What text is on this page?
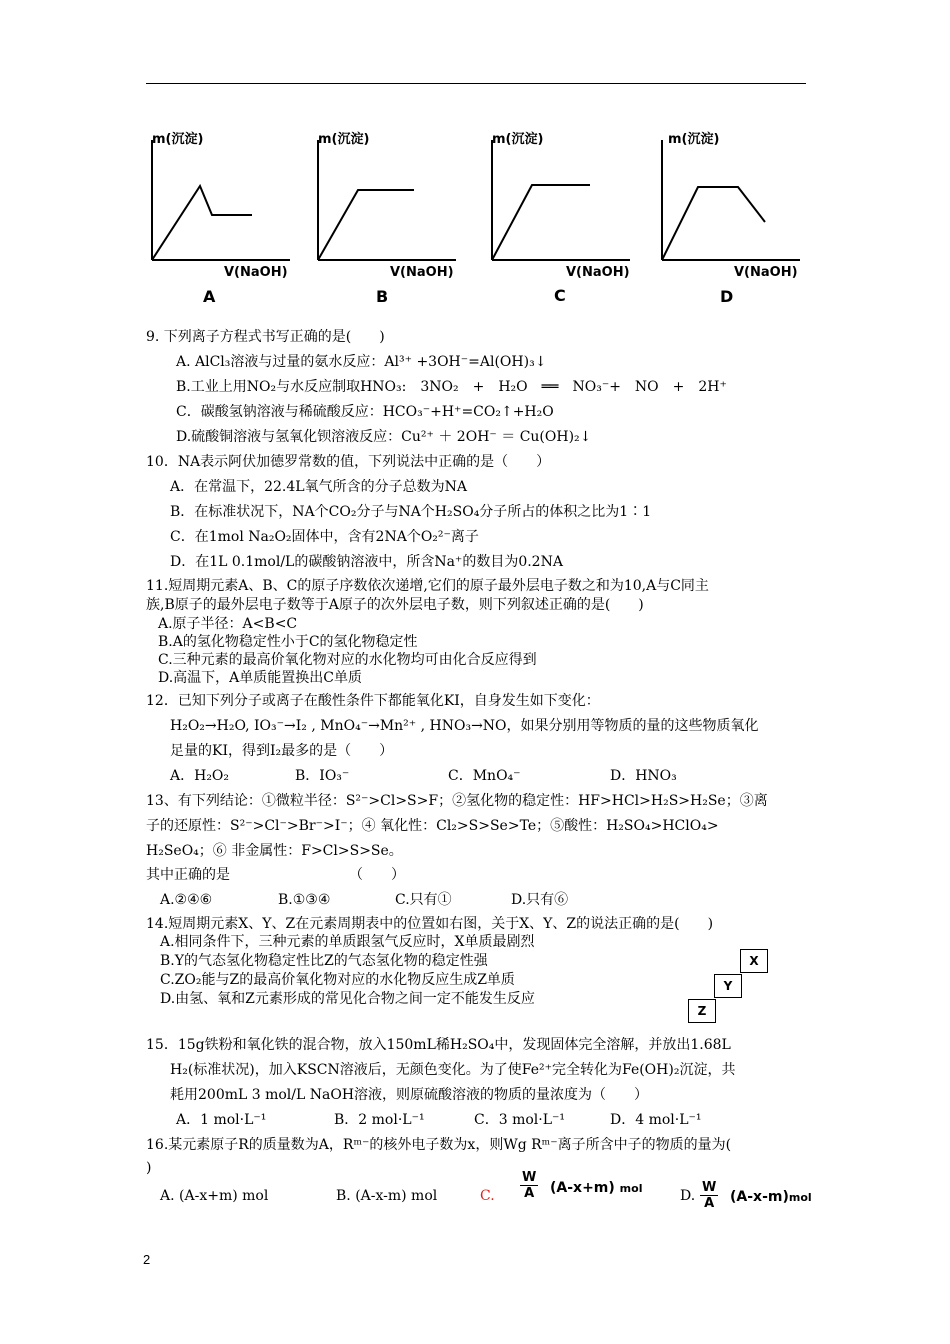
m(沉淀)
V(NaOH)
A
m(沉淀)
V(NaOH)
B
m(沉淀)
V(NaOH)
C
m(沉淀)
V(NaOH)
D
9. 下列离子方程式书写正确的是(　　)
A. AlCl₃溶液与过量的氨水反应：Al³⁺ +3OH⁻=Al(OH)₃↓
B.工业上用NO₂与水反应制取HNO₃:　3NO₂　+　H₂O　══　NO₃⁻+　NO　+　2H⁺
C．碳酸氢钠溶液与稀硫酸反应：HCO₃⁻+H⁺=CO₂↑+H₂O
D.硫酸铜溶液与氢氧化钡溶液反应：Cu²⁺ ＋ 2OH⁻ ＝ Cu(OH)₂↓
10．NA表示阿伏加德罗常数的值，下列说法中正确的是（　　）
A．在常温下，22.4L氧气所含的分子总数为NA
B．在标准状况下，NA个CO₂分子与NA个H₂SO₄分子所占的体积之比为1∶1
C．在1mol Na₂O₂固体中，含有2NA个O₂²⁻离子
D．在1L 0.1mol/L的碳酸钠溶液中，所含Na⁺的数目为0.2NA
11.短周期元素A、B、C的原子序数依次递增,它们的原子最外层电子数之和为10,A与C同主
族,B原子的最外层电子数等于A原子的次外层电子数，则下列叙述正确的是(　　)
A.原子半径：A<B<C
B.A的氢化物稳定性小于C的氢化物稳定性
C.三种元素的最高价氧化物对应的水化物均可由化合反应得到
D.高温下，A单质能置换出C单质
12．已知下列分子或离子在酸性条件下都能氧化KI，自身发生如下变化：
H₂O₂→H₂O, IO₃⁻→I₂ , MnO₄⁻→Mn²⁺ , HNO₃→NO，如果分别用等物质的量的这些物质氧化
足量的KI，得到I₂最多的是（　　）
A．H₂O₂	B．IO₃⁻	C．MnO₄⁻	D．HNO₃
13、有下列结论：①微粒半径：S²⁻>Cl>S>F；②氢化物的稳定性：HF>HCl>H₂S>H₂Se；③离
子的还原性：S²⁻>Cl⁻>Br⁻>I⁻；④ 氧化性：Cl₂>S>Se>Te；⑤酸性：H₂SO₄>HClO₄>
H₂SeO₄；⑥ 非金属性：F>Cl>S>Se。
其中正确的是　　　　　　　　　（　　）
A.②④⑥	B.①③④	C.只有①	D.只有⑥
14.短周期元素X、Y、Z在元素周期表中的位置如右图，关于X、Y、Z的说法正确的是(　　)
A.相同条件下，三种元素的单质跟氢气反应时，X单质最剧烈
B.Y的气态氢化物稳定性比Z的气态氢化物的稳定性强
C.ZO₂能与Z的最高价氧化物对应的水化物反应生成Z单质
D.由氢、氧和Z元素形成的常见化合物之间一定不能发生反应
X
Y
Z
15．15g铁粉和氧化铁的混合物，放入150mL稀H₂SO₄中，发现固体完全溶解，并放出1.68L
H₂(标准状况)，加入KSCN溶液后，无颜色变化。为了使Fe²⁺完全转化为Fe(OH)₂沉淀，共
耗用200mL 3 mol/L NaOH溶液，则原硫酸溶液的物质的量浓度为（　　）
A．1 mol·L⁻¹	B．2 mol·L⁻¹	C．3 mol·L⁻¹	D．4 mol·L⁻¹
16.某元素原子R的质量数为A，Rᵐ⁻的核外电子数为x，则Wg Rᵐ⁻离子所含中子的物质的量为(
)
A. (A-x+m) mol	B. (A-x-m) mol	C. $\frac{W}{A} (A-x+m)$ mol	D. $\frac{W}{A} (A-x-m)mol$
2
